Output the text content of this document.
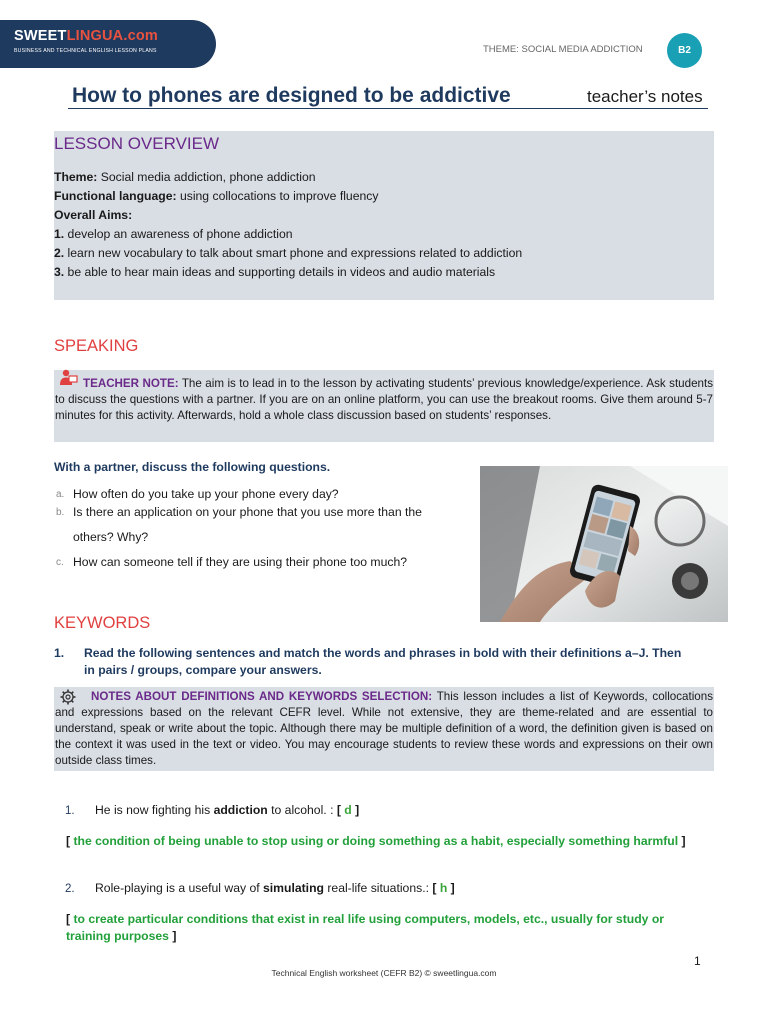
SWEETLINGUA.com
BUSINESS AND TECHNICAL ENGLISH LESSON PLANS	THEME: SOCIAL MEDIA ADDICTION	B2
How to phones are designed to be addictive	teacher’s notes
LESSON OVERVIEW
Theme: Social media addiction, phone addiction
Functional language: using collocations to improve fluency
Overall Aims:
1. develop an awareness of phone addiction
2. learn new vocabulary to talk about smart phone and expressions related to addiction
3. be able to hear main ideas and supporting details in videos and audio materials
SPEAKING
TEACHER NOTE: The aim is to lead in to the lesson by activating students’ previous knowledge/experience. Ask students to discuss the questions with a partner. If you are on an online platform, you can use the breakout rooms. Give them around 5-7 minutes for this activity. Afterwards, hold a whole class discussion based on students’ responses.
With a partner, discuss the following questions.
a. How often do you take up your phone every day?
b. Is there an application on your phone that you use more than the
others? Why?
c. How can someone tell if they are using their phone too much?
KEYWORDS
1. Read the following sentences and match the words and phrases in bold with their definitions a–J. Then
in pairs / groups, compare your answers.
NOTES ABOUT DEFINITIONS AND KEYWORDS SELECTION: This lesson includes a list of Keywords, collocations and expressions based on the relevant CEFR level. While not extensive, they are theme-related and are essential to understand, speak or write about the topic. Although there may be multiple definition of a word, the definition given is based on the context it was used in the text or video. You may encourage students to review these words and expressions on their own outside class times.
1. He is now fighting his addiction to alcohol. : [ d ]
[ the condition of being unable to stop using or doing something as a habit, especially something harmful ]
2. Role-playing is a useful way of simulating real-life situations.: [ h ]
[ to create particular conditions that exist in real life using computers, models, etc., usually for study or
training purposes ]
1
Technical English worksheet (CEFR B2) © sweetlingua.com
